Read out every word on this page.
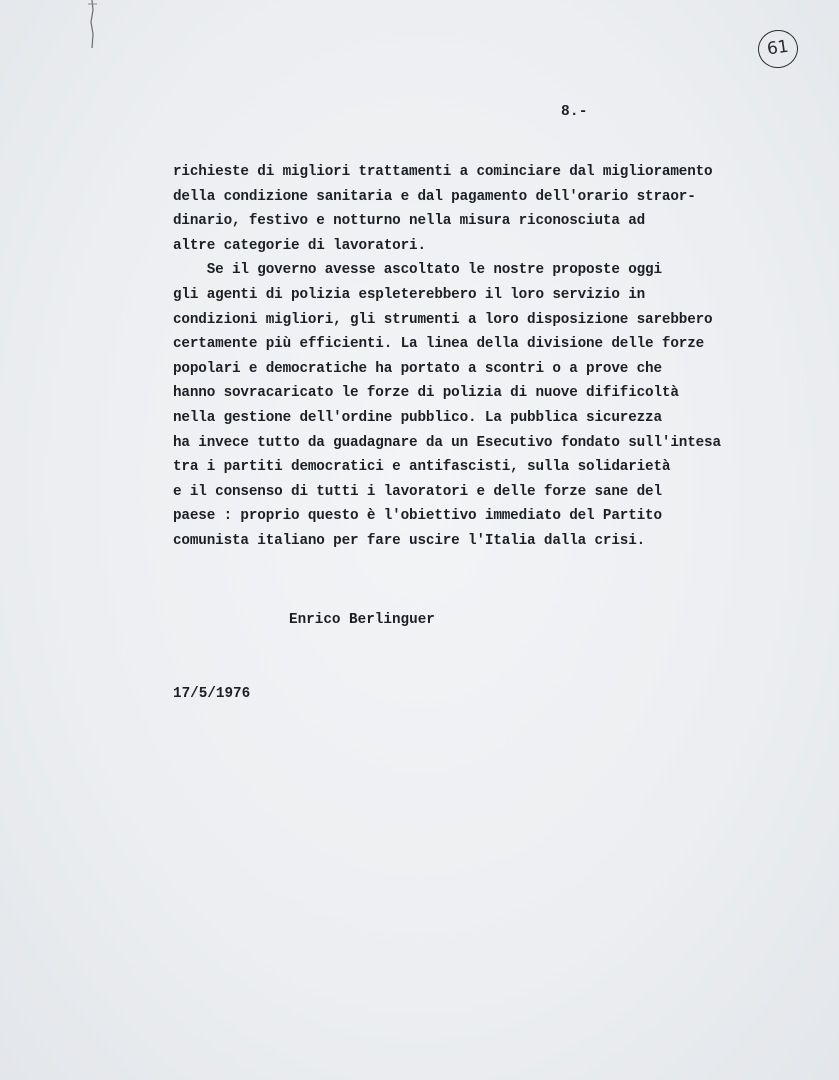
61
8.-
richieste di migliori trattamenti a cominciare dal miglioramento
della condizione sanitaria e dal pagamento dell'orario straor-
dinario, festivo e notturno nella misura riconosciuta ad
altre categorie di lavoratori.
Se il governo avesse ascoltato le nostre proposte oggi
gli agenti di polizia espleterebbero il loro servizio in
condizioni migliori, gli strumenti a loro disposizione sarebbero
certamente più efficienti. La linea della divisione delle forze
popolari e democratiche ha portato a scontri o a prove che
hanno sovracaricato le forze di polizia di nuove difificoltà
nella gestione dell'ordine pubblico. La pubblica sicurezza
ha invece tutto da guadagnare da un Esecutivo fondato sull'intesa
tra i partiti democratici e antifascisti, sulla solidarietà
e il consenso di tutti i lavoratori e delle forze sane del
paese : proprio questo è l'obiettivo immediato del Partito
comunista italiano per fare uscire l'Italia dalla crisi.
Enrico Berlinguer
17/5/1976
